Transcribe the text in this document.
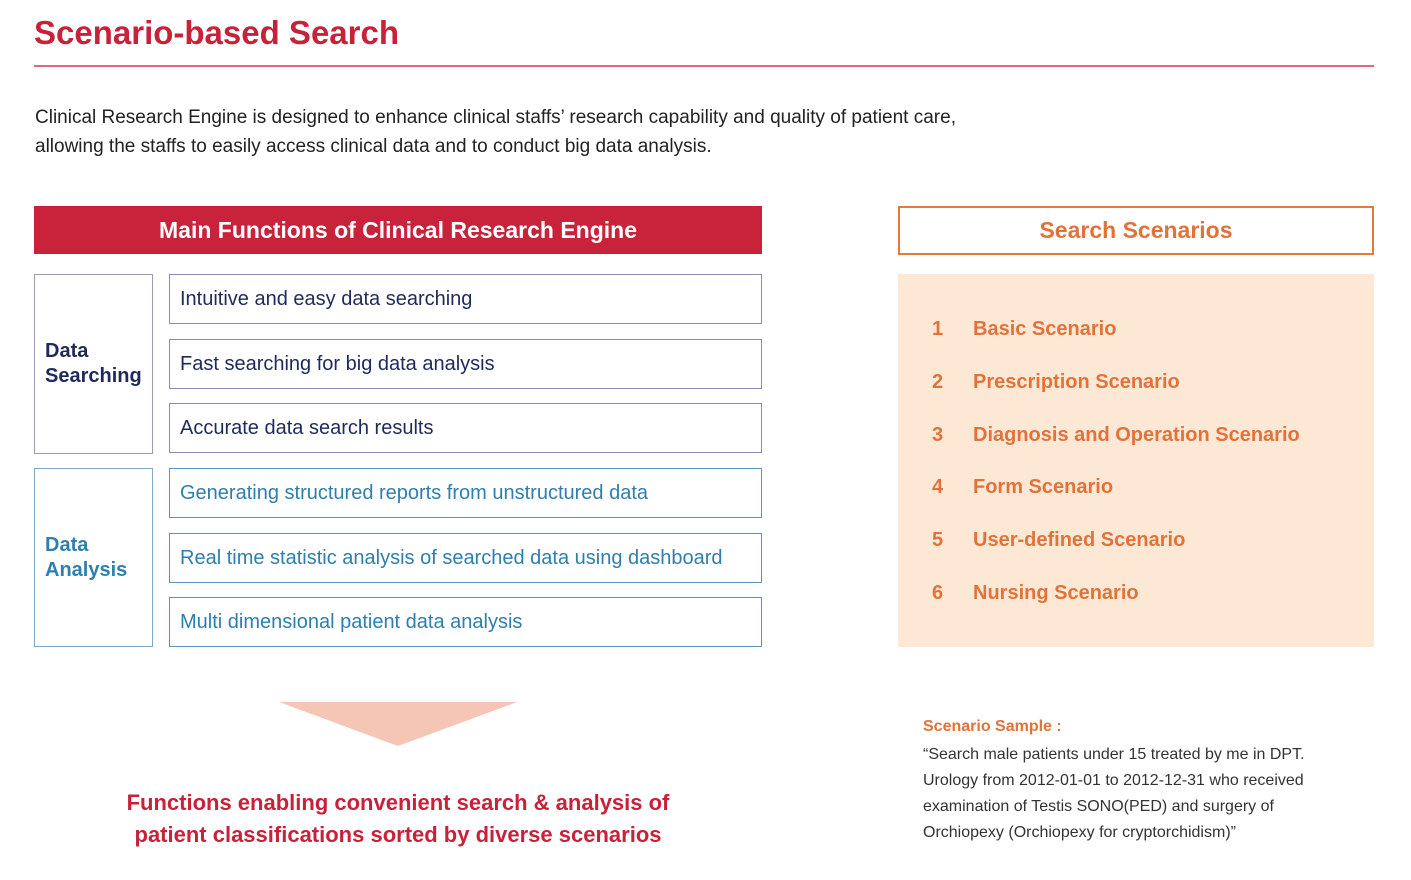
Scenario-based Search
Clinical Research Engine is designed to enhance clinical staffs’ research capability and quality of patient care,
allowing the staffs to easily access clinical data and to conduct big data analysis.
Main Functions of Clinical Research Engine
Data
Searching
Intuitive and easy data searching
Fast searching for big data analysis
Accurate data search results
Data
Analysis
Generating structured reports from unstructured data
Real time statistic analysis of searched data using dashboard
Multi dimensional patient data analysis
Functions enabling convenient search & analysis of
patient classifications sorted by diverse scenarios
Search Scenarios
1 Basic Scenario
2 Prescription Scenario
3 Diagnosis and Operation Scenario
4 Form Scenario
5 User-defined Scenario
6 Nursing Scenario
Scenario Sample :
“Search male patients under 15 treated by me in DPT.
Urology from 2012-01-01 to 2012-12-31 who received
examination of Testis SONO(PED) and surgery of
Orchiopexy (Orchiopexy for cryptorchidism)”
